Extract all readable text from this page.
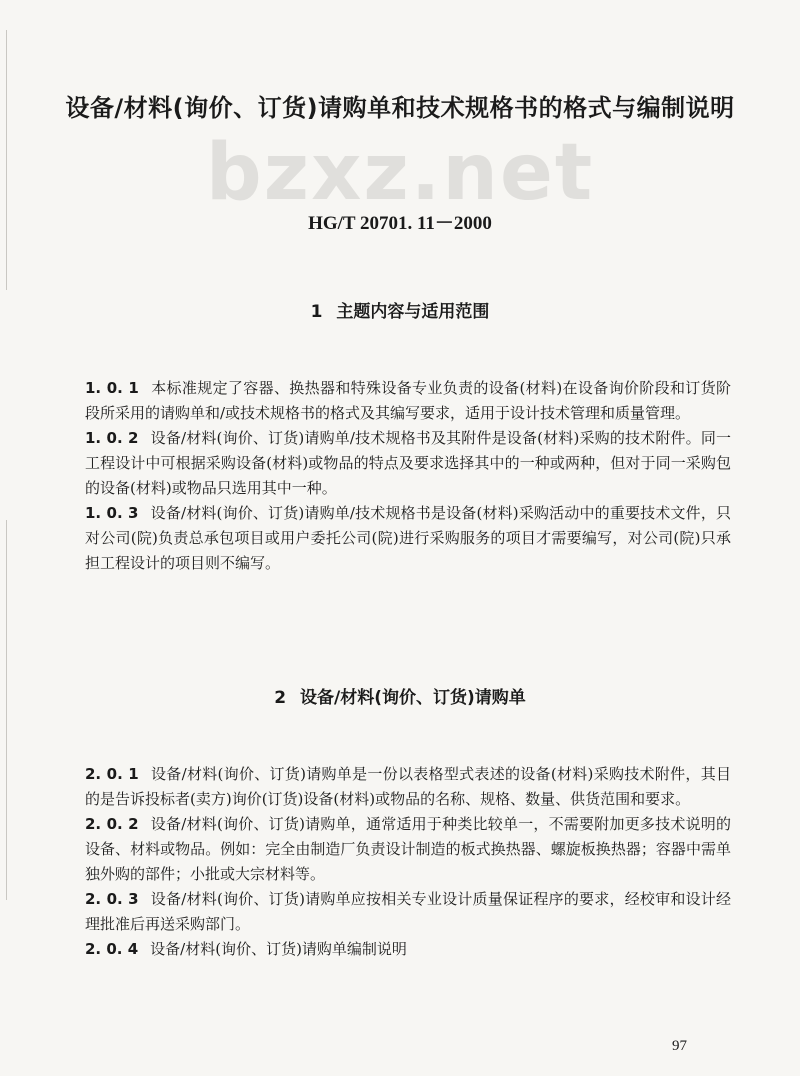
设备/材料(询价、订货)请购单和技术规格书的格式与编制说明
bzxz.net
HG/T 20701. 11－2000
1 主题内容与适用范围

1. 0. 1 本标准规定了容器、换热器和特殊设备专业负责的设备(材料)在设备询价阶段和订货阶段所采用的请购单和/或技术规格书的格式及其编写要求，适用于设计技术管理和质量管理。

1. 0. 2 设备/材料(询价、订货)请购单/技术规格书及其附件是设备(材料)采购的技术附件。同一工程设计中可根据采购设备(材料)或物品的特点及要求选择其中的一种或两种，但对于同一采购包的设备(材料)或物品只选用其中一种。

1. 0. 3 设备/材料(询价、订货)请购单/技术规格书是设备(材料)采购活动中的重要技术文件，只对公司(院)负责总承包项目或用户委托公司(院)进行采购服务的项目才需要编写，对公司(院)只承担工程设计的项目则不编写。

2 设备/材料(询价、订货)请购单

2. 0. 1 设备/材料(询价、订货)请购单是一份以表格型式表述的设备(材料)采购技术附件，其目的是告诉投标者(卖方)询价(订货)设备(材料)或物品的名称、规格、数量、供货范围和要求。

2. 0. 2 设备/材料(询价、订货)请购单，通常适用于种类比较单一，不需要附加更多技术说明的设备、材料或物品。例如：完全由制造厂负责设计制造的板式换热器、螺旋板换热器；容器中需单独外购的部件；小批或大宗材料等。

2. 0. 3 设备/材料(询价、订货)请购单应按相关专业设计质量保证程序的要求，经校审和设计经理批准后再送采购部门。

2. 0. 4 设备/材料(询价、订货)请购单编制说明

97
